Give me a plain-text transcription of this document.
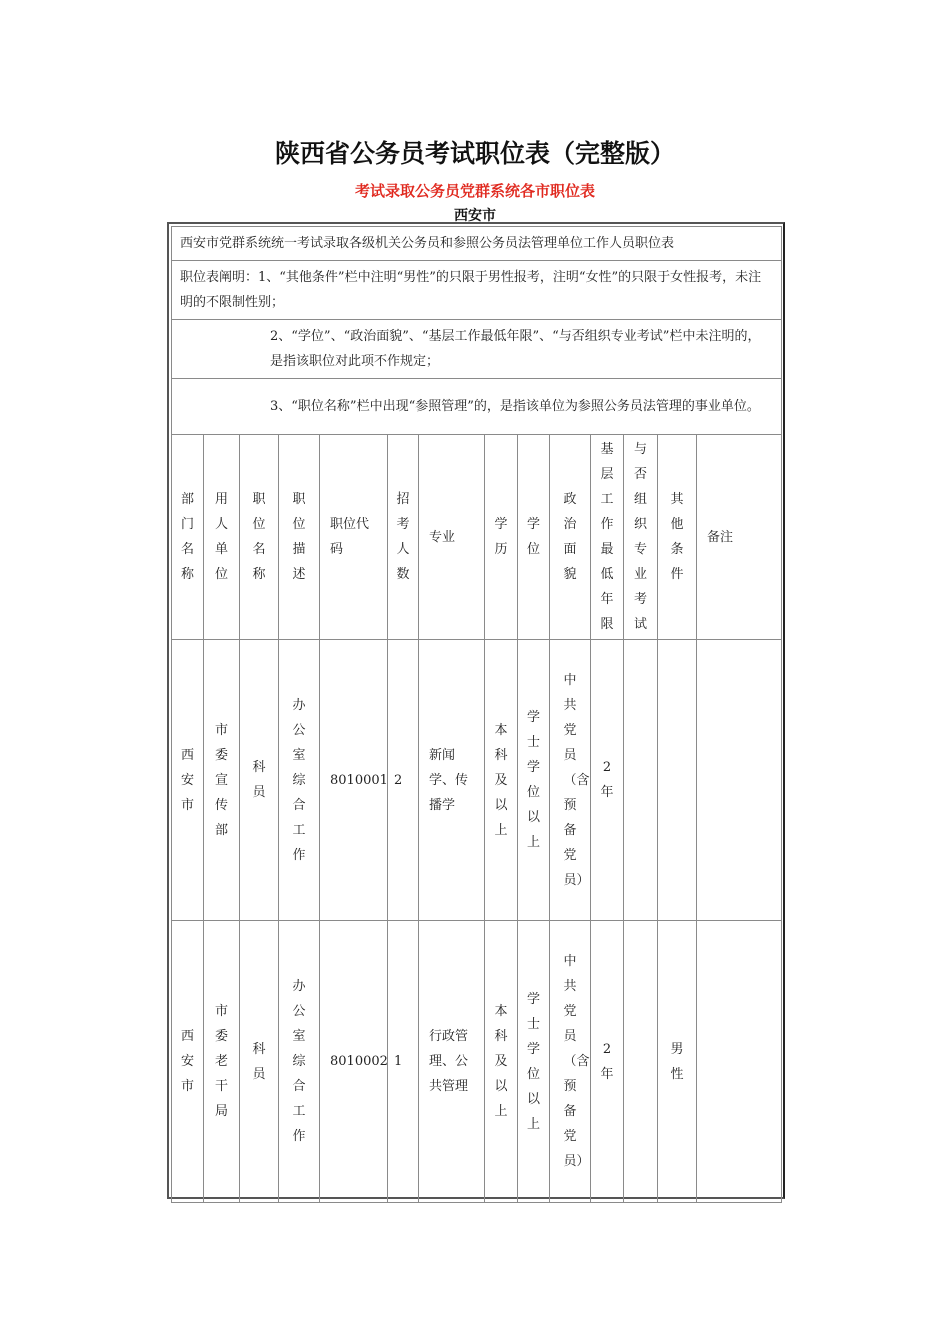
陕西省公务员考试职位表（完整版）
考试录取公务员党群系统各市职位表
西安市
西安市党群系统统一考试录取各级机关公务员和参照公务员法管理单位工作人员职位表													
职位表阐明：1、“其他条件”栏中注明“男性”的只限于男性报考，注明“女性”的只限于女性报考，未注明的不限制性别；													
2、“学位”、“政治面貌”、“基层工作最低年限”、“与否组织专业考试”栏中未注明的，是指该职位对此项不作规定；													
3、“职位名称”栏中出现“参照管理”的，是指该单位为参照公务员法管理的事业单位。													
部门名称	用人单位	职位名称	职位描述	职位代码	招考人数	专业	学历	学位	政治面貌	基层工作最低年限	与否组织专业考试	其他条件	备注
西安市	市委宣传部	科员	办公室综合工作	8010001	2	新闻学、传播学	本科及以上	学士学位以上	中共党员（含预备党员）	2年			
西安市	市委老干局	科员	办公室综合工作	8010002	1	行政管理、公共管理	本科及以上	学士学位以上	中共党员（含预备党员）	2年		男性	
